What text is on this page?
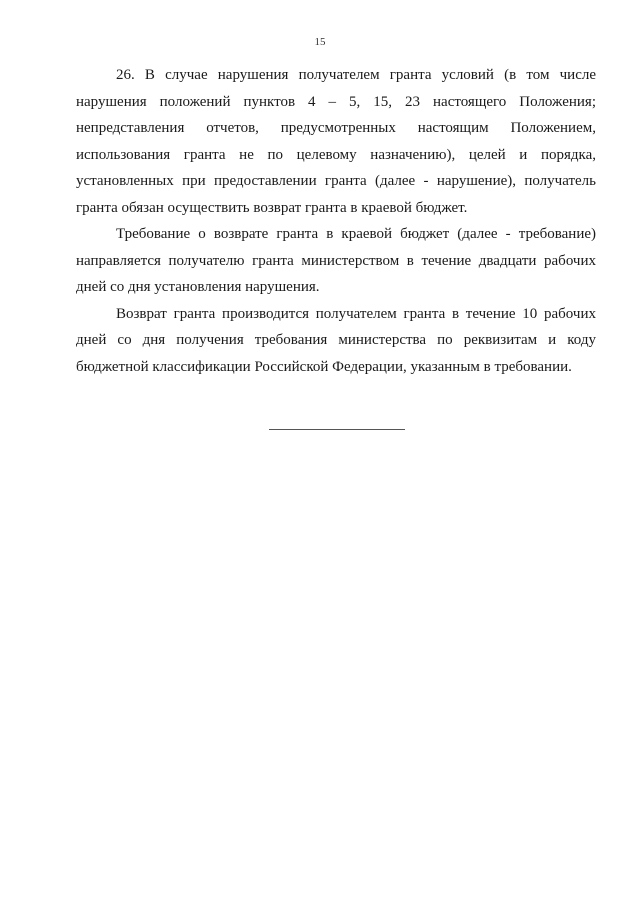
15

26. В случае нарушения получателем гранта условий (в том числе нарушения положений пунктов 4 – 5, 15, 23 настоящего Положения; непредставления отчетов, предусмотренных настоящим Положением, использования гранта не по целевому назначению), целей и порядка, установленных при предоставлении гранта (далее - нарушение), получатель гранта обязан осуществить возврат гранта в краевой бюджет.

Требование о возврате гранта в краевой бюджет (далее - требование) направляется получателю гранта министерством в течение двадцати рабочих дней со дня установления нарушения.

Возврат гранта производится получателем гранта в течение 10 рабочих дней со дня получения требования министерства по реквизитам и коду бюджетной классификации Российской Федерации, указанным в требовании.
